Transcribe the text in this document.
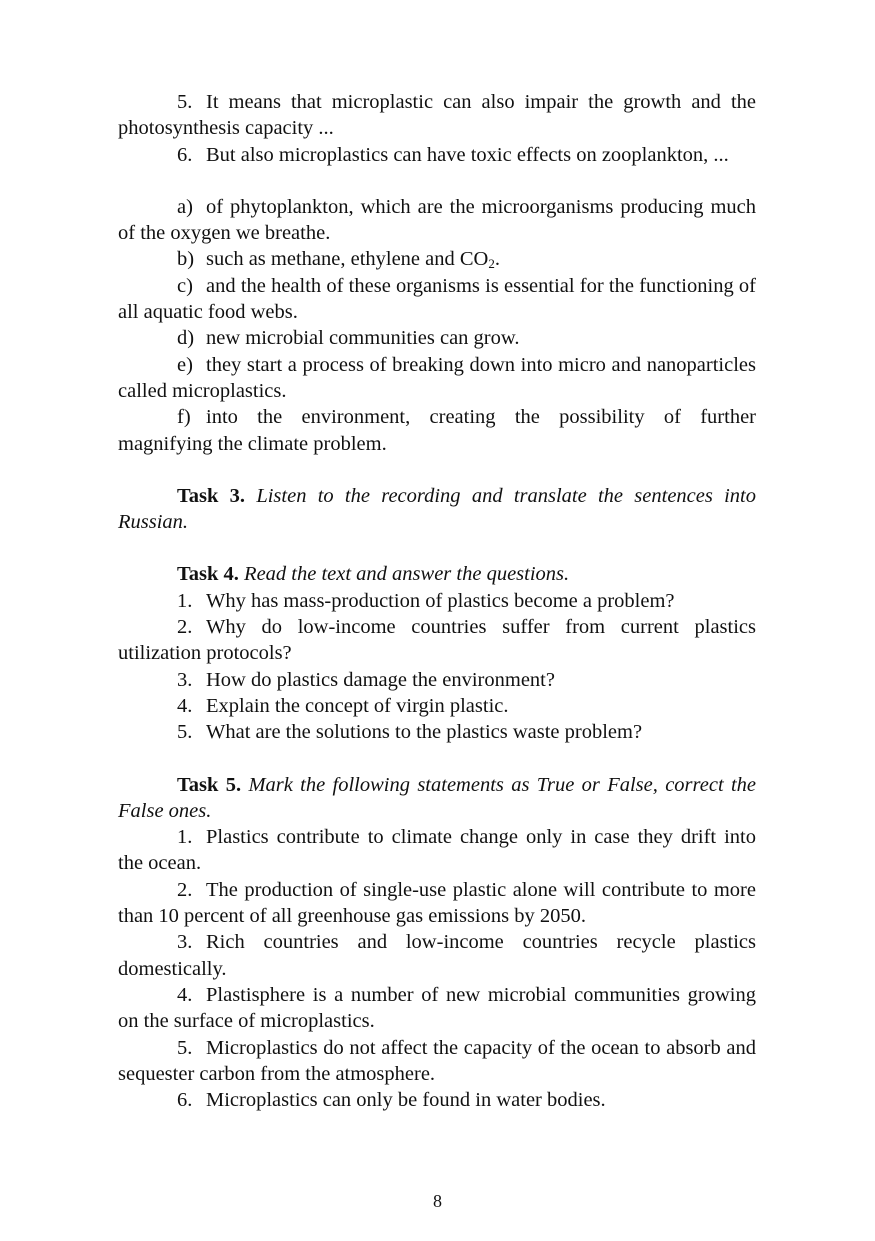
5. It means that microplastic can also impair the growth and the photosynthesis capacity ...

6. But also microplastics can have toxic effects on zooplankton, ...

a) of phytoplankton, which are the microorganisms producing much of the oxygen we breathe.

b) such as methane, ethylene and $CO_2$.

c) and the health of these organisms is essential for the functioning of all aquatic food webs.

d) new microbial communities can grow.

e) they start a process of breaking down into micro and nanoparticles called microplastics.

f) into the environment, creating the possibility of further magnifying the climate problem.

Task 3. Listen to the recording and translate the sentences into Russian.

Task 4. Read the text and answer the questions.

1. Why has mass-production of plastics become a problem?

2. Why do low-income countries suffer from current plastics utilization protocols?

3. How do plastics damage the environment?

4. Explain the concept of virgin plastic.

5. What are the solutions to the plastics waste problem?

Task 5. Mark the following statements as True or False, correct the False ones.

1. Plastics contribute to climate change only in case they drift into the ocean.

2. The production of single-use plastic alone will contribute to more than 10 percent of all greenhouse gas emissions by 2050.

3. Rich countries and low-income countries recycle plastics domestically.

4. Plastisphere is a number of new microbial communities growing on the surface of microplastics.

5. Microplastics do not affect the capacity of the ocean to absorb and sequester carbon from the atmosphere.

6. Microplastics can only be found in water bodies.

8
